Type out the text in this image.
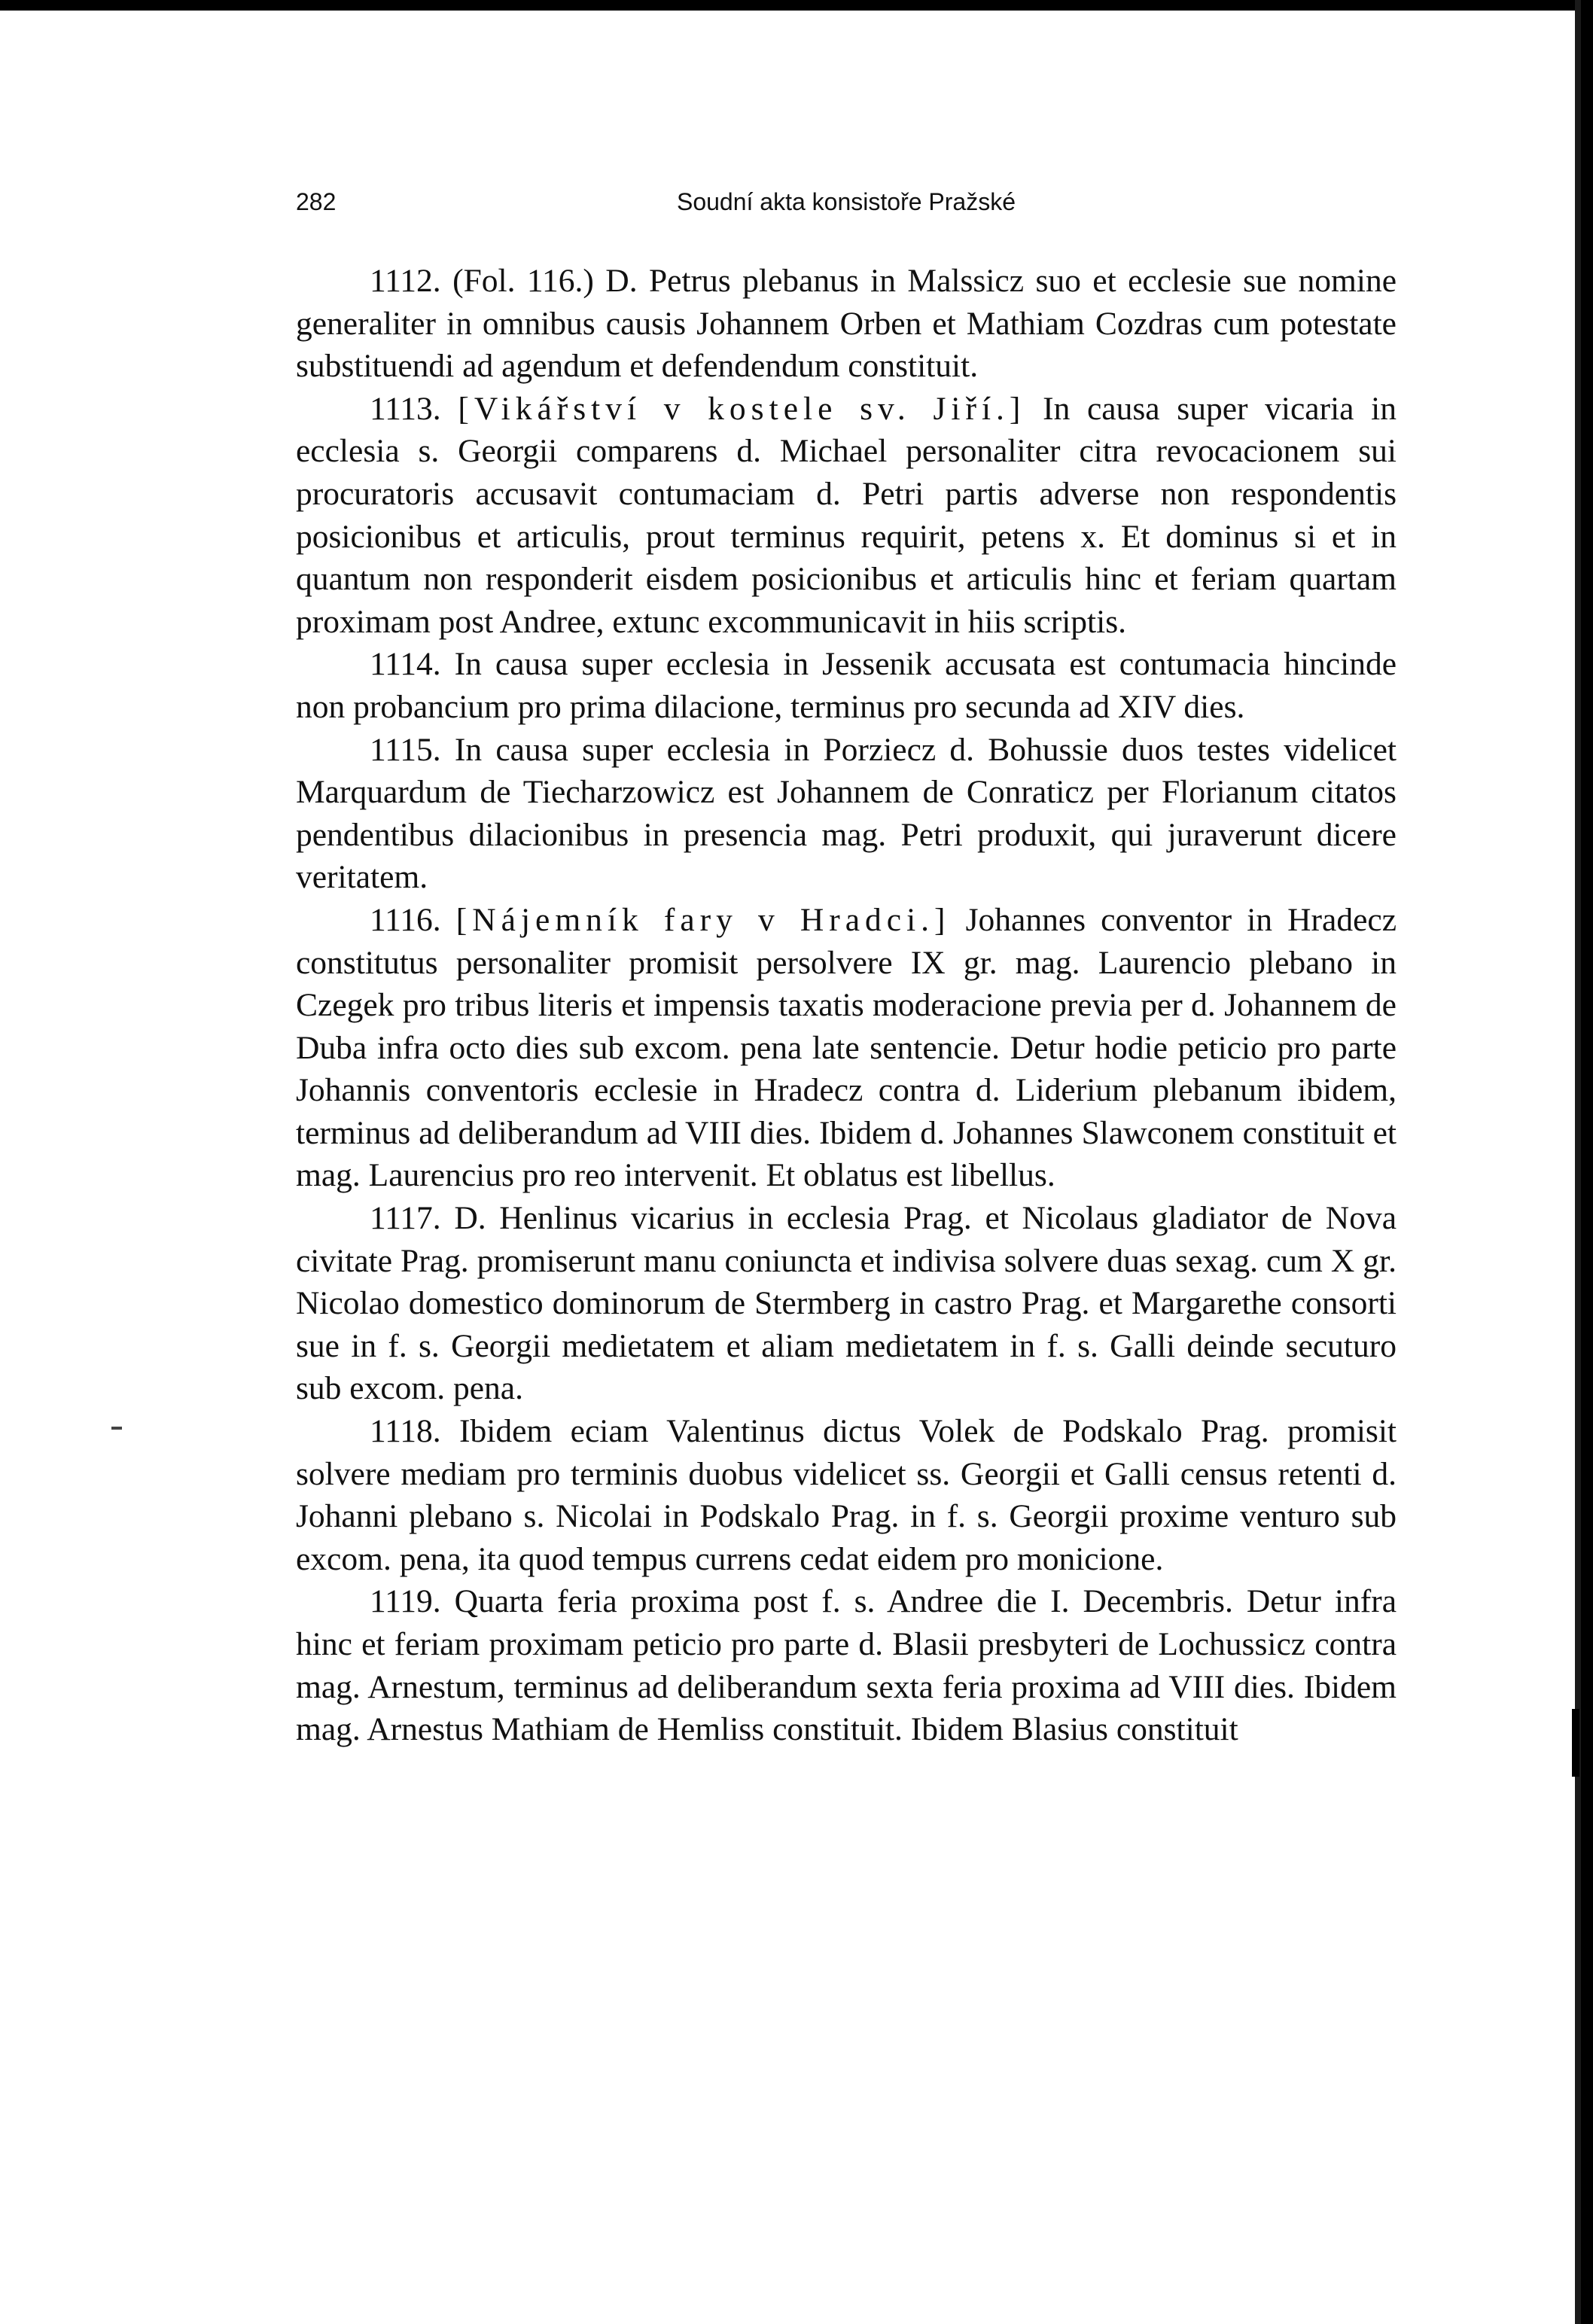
282	Soudní akta konsistoře Pražské

1112. (Fol. 116.) D. Petrus plebanus in Malssicz suo et ecclesie sue nomine generaliter in omnibus causis Johannem Orben et Mathiam Cozdras cum potestate substituendi ad agendum et defendendum constituit.

1113. [Vikářství v kostele sv. Jiří.] In causa super vicaria in ecclesia s. Georgii comparens d. Michael personaliter citra revocacionem sui procuratoris accusavit contumaciam d. Petri partis adverse non respondentis posicionibus et articulis, prout terminus requirit, petens x. Et dominus si et in quantum non responderit eisdem posicionibus et articulis hinc et feriam quartam proximam post Andree, extunc excommunicavit in hiis scriptis.

1114. In causa super ecclesia in Jessenik accusata est contumacia hincinde non probancium pro prima dilacione, terminus pro secunda ad XIV dies.

1115. In causa super ecclesia in Porziecz d. Bohussie duos testes videlicet Marquardum de Tiecharzowicz est Johannem de Conraticz per Florianum citatos pendentibus dilacionibus in presencia mag. Petri produxit, qui juraverunt dicere veritatem.

1116. [Nájemník fary v Hradci.] Johannes conventor in Hradecz constitutus personaliter promisit persolvere IX gr. mag. Laurencio plebano in Czegek pro tribus literis et impensis taxatis moderacione previa per d. Johannem de Duba infra octo dies sub excom. pena late sentencie. Detur hodie peticio pro parte Johannis conventoris ecclesie in Hradecz contra d. Liderium plebanum ibidem, terminus ad deliberandum ad VIII dies. Ibidem d. Johannes Slawconem constituit et mag. Laurencius pro reo intervenit. Et oblatus est libellus.

1117. D. Henlinus vicarius in ecclesia Prag. et Nicolaus gladiator de Nova civitate Prag. promiserunt manu coniuncta et indivisa solvere duas sexag. cum X gr. Nicolao domestico dominorum de Stermberg in castro Prag. et Margarethe consorti sue in f. s. Georgii medietatem et aliam medietatem in f. s. Galli deinde secuturo sub excom. pena.

1118. Ibidem eciam Valentinus dictus Volek de Podskalo Prag. promisit solvere mediam pro terminis duobus videlicet ss. Georgii et Galli census retenti d. Johanni plebano s. Nicolai in Podskalo Prag. in f. s. Georgii proxime venturo sub excom. pena, ita quod tempus currens cedat eidem pro monicione.

1119. Quarta feria proxima post f. s. Andree die I. Decembris. Detur infra hinc et feriam proximam peticio pro parte d. Blasii presbyteri de Lochussicz contra mag. Arnestum, terminus ad deliberandum sexta feria proxima ad VIII dies. Ibidem mag. Arnestus Mathiam de Hemliss constituit. Ibidem Blasius constituit
